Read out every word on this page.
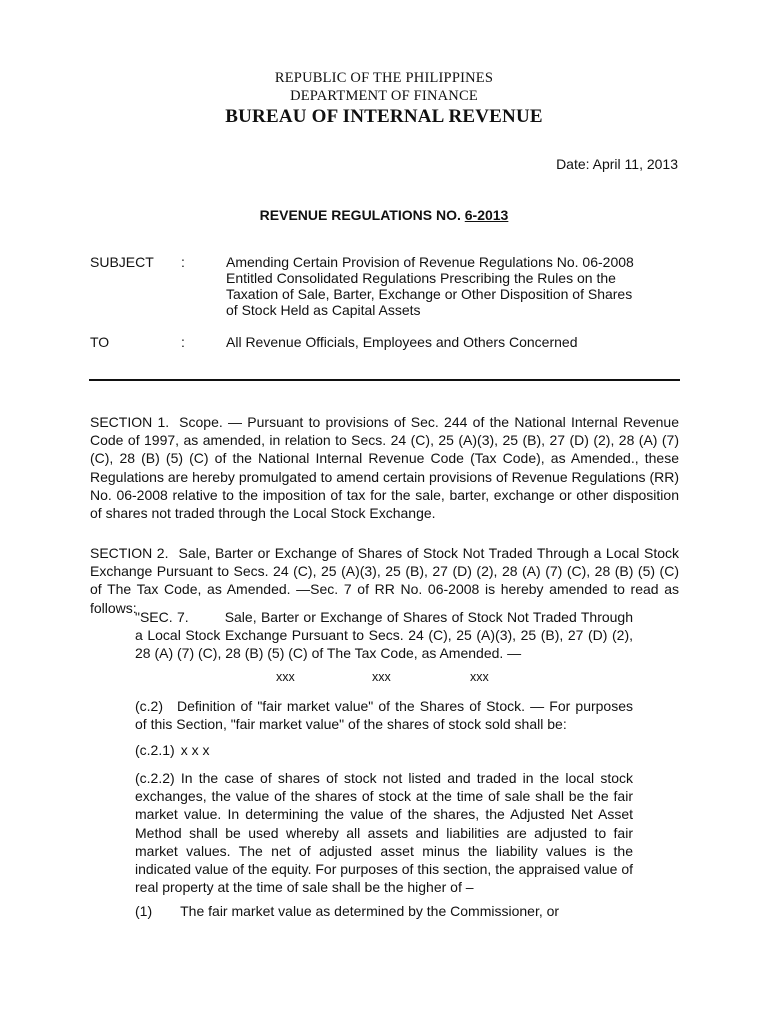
REPUBLIC OF THE PHILIPPINES
DEPARTMENT OF FINANCE
BUREAU OF INTERNAL REVENUE
Date: April 11, 2013
REVENUE REGULATIONS NO. 6-2013
SUBJECT :	Amending Certain Provision of Revenue Regulations No. 06-2008
Entitled Consolidated Regulations Prescribing the Rules on the
Taxation of Sale, Barter, Exchange or Other Disposition of Shares
of Stock Held as Capital Assets
TO	:	All Revenue Officials, Employees and Others Concerned
SECTION 1. Scope. — Pursuant to provisions of Sec. 244 of the National Internal Revenue Code of 1997, as amended, in relation to Secs. 24 (C), 25 (A)(3), 25 (B), 27 (D) (2), 28 (A) (7) (C), 28 (B) (5) (C) of the National Internal Revenue Code (Tax Code), as Amended., these Regulations are hereby promulgated to amend certain provisions of Revenue Regulations (RR) No. 06-2008 relative to the imposition of tax for the sale, barter, exchange or other disposition of shares not traded through the Local Stock Exchange.
SECTION 2. Sale, Barter or Exchange of Shares of Stock Not Traded Through a Local Stock Exchange Pursuant to Secs. 24 (C), 25 (A)(3), 25 (B), 27 (D) (2), 28 (A) (7) (C), 28 (B) (5) (C) of The Tax Code, as Amended. —Sec. 7 of RR No. 06-2008 is hereby amended to read as follows:
"SEC. 7.	Sale, Barter or Exchange of Shares of Stock Not Traded Through a Local Stock Exchange Pursuant to Secs. 24 (C), 25 (A)(3), 25 (B), 27 (D) (2), 28 (A) (7) (C), 28 (B) (5) (C) of The Tax Code, as Amended. —
xxx	xxx	xxx
(c.2) Definition of "fair market value" of the Shares of Stock. — For purposes of this Section, "fair market value" of the shares of stock sold shall be:
(c.2.1) x x x
(c.2.2) In the case of shares of stock not listed and traded in the local stock exchanges, the value of the shares of stock at the time of sale shall be the fair market value. In determining the value of the shares, the Adjusted Net Asset Method shall be used whereby all assets and liabilities are adjusted to fair market values. The net of adjusted asset minus the liability values is the indicated value of the equity. For purposes of this section, the appraised value of real property at the time of sale shall be the higher of –
(1) The fair market value as determined by the Commissioner, or
